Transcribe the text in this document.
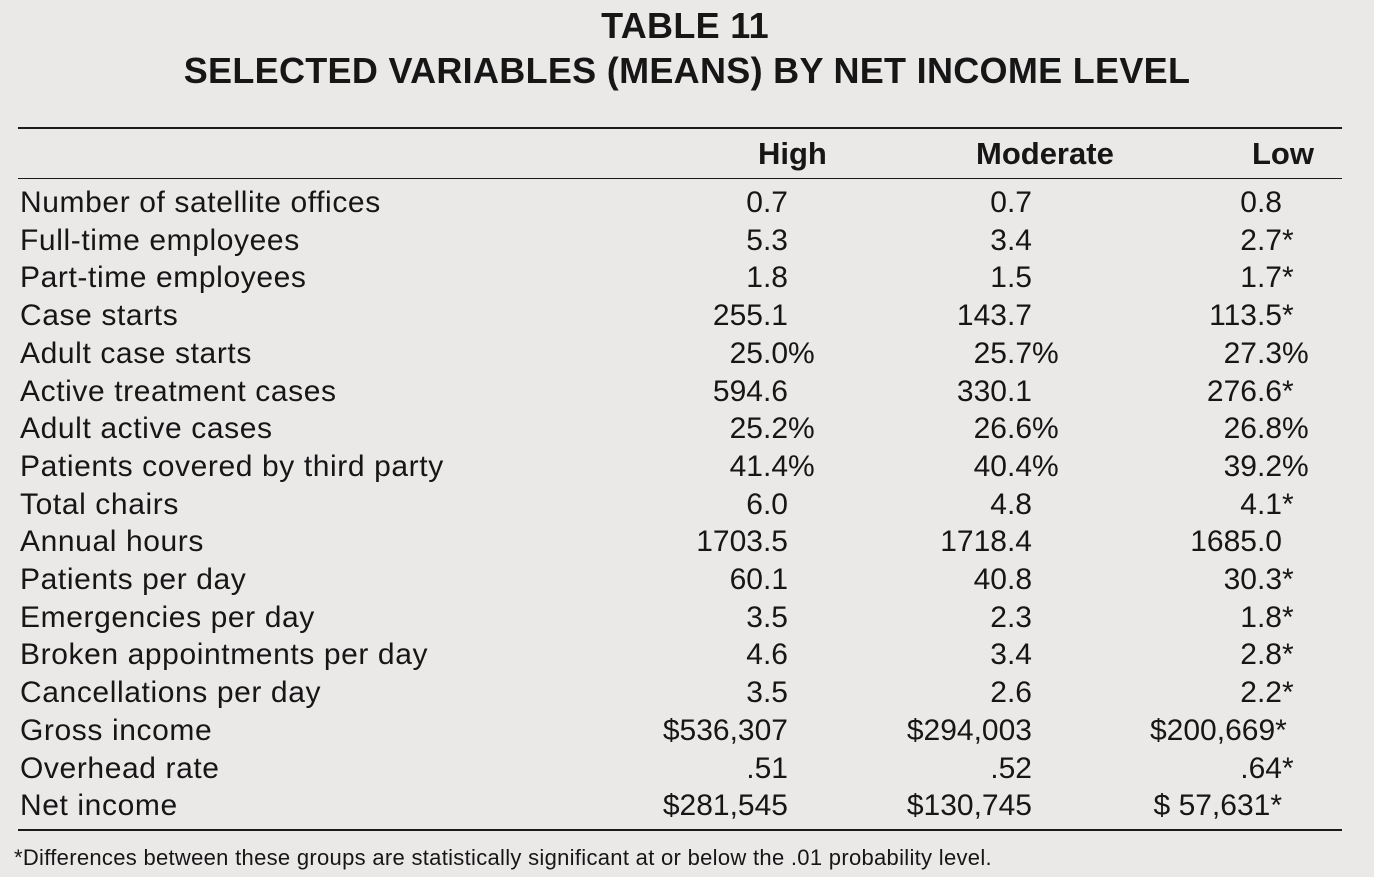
TABLE 11
SELECTED VARIABLES (MEANS) BY NET INCOME LEVEL
High	Moderate	Low
Number of satellite offices	0.7	0.7	0.8
Full-time employees	5.3	3.4	2.7*
Part-time employees	1.8	1.5	1.7*
Case starts	255.1	143.7	113.5*
Adult case starts	25.0%	25.7%	27.3%
Active treatment cases	594.6	330.1	276.6*
Adult active cases	25.2%	26.6%	26.8%
Patients covered by third party	41.4%	40.4%	39.2%
Total chairs	6.0	4.8	4.1*
Annual hours	1703.5	1718.4	1685.0
Patients per day	60.1	40.8	30.3*
Emergencies per day	3.5	2.3	1.8*
Broken appointments per day	4.6	3.4	2.8*
Cancellations per day	3.5	2.6	2.2*
Gross income	$536,307	$294,003	$200,669*
Overhead rate	.51	.52	.64*
Net income	$281,545	$130,745	$ 57,631*
*Differences between these groups are statistically significant at or below the .01 probability level.
